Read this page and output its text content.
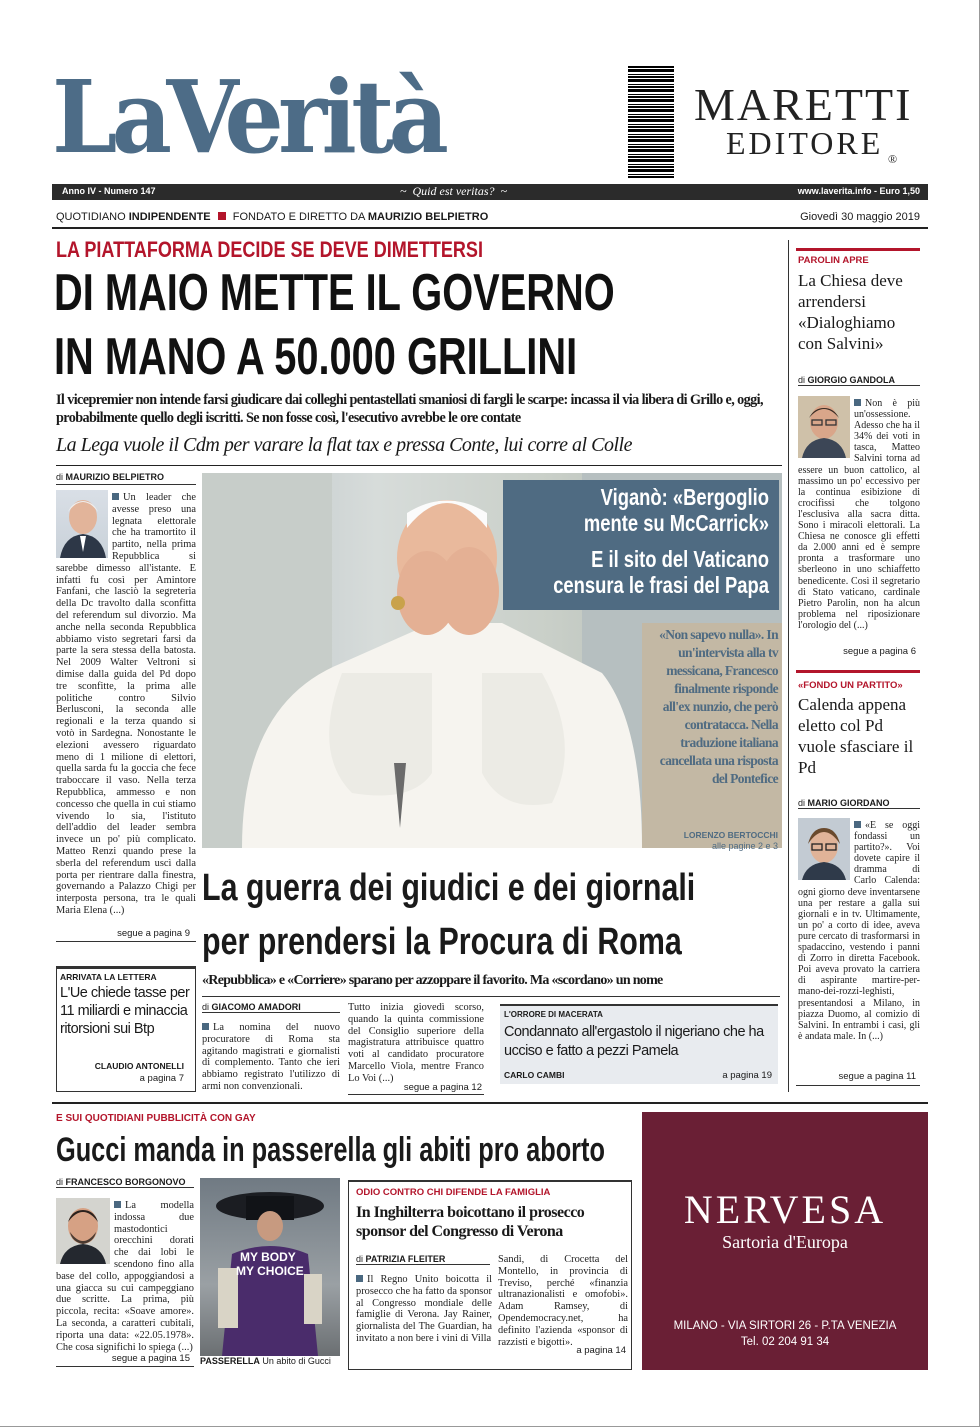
LaVerità	MARETTI
EDITORE ®
Anno IV - Numero 147	~ Quid est veritas? ~	www.laverita.info - Euro 1,50
QUOTIDIANO INDIPENDENTE FONDATO E DIRETTO DA MAURIZIO BELPIETRO	Giovedì 30 maggio 2019
LA PIATTAFORMA DECIDE SE DEVE DIMETTERSI
DI MAIO METTE IL GOVERNO
IN MANO A 50.000 GRILLINI
Il vicepremier non intende farsi giudicare dai colleghi pentastellati smaniosi di fargli le scarpe: incassa il via libera di Grillo e, oggi, probabilmente quello degli iscritti. Se non fosse così, l'esecutivo avrebbe le ore contate
La Lega vuole il Cdm per varare la flat tax e pressa Conte, lui corre al Colle
di MAURIZIO BELPIETRO
Un leader che avesse preso una legnata elettorale che ha tramortito il partito, nella prima Repubblica si sarebbe dimesso all'istante. E infatti fu così per Amintore Fanfani, che lasciò la segreteria della Dc travolto dalla sconfitta del referendum sul divorzio. Ma anche nella seconda Repubblica abbiamo visto segretari farsi da parte la sera stessa della batosta. Nel 2009 Walter Veltroni si dimise dalla guida del Pd dopo tre sconfitte, la prima alle politiche contro Silvio Berlusconi, la seconda alle regionali e la terza quando si votò in Sardegna. Nonostante le elezioni avessero riguardato meno di 1 milione di elettori, quella sarda fu la goccia che fece traboccare il vaso. Nella terza Repubblica, ammesso e non concesso che quella in cui stiamo vivendo lo sia, l'istituto dell'addio del leader sembra invece un po' più complicato. Matteo Renzi quando prese la sberla del referendum uscì dalla porta per rientrare dalla finestra, governando a Palazzo Chigi per interposta persona, tra le quali Maria Elena (...)
segue a pagina 9
Viganò: «Bergoglio
mente su McCarrick»
E il sito del Vaticano
censura le frasi del Papa
«Non sapevo nulla». In un'intervista alla tv messicana, Francesco finalmente risponde all'ex nunzio, che però contratacca. Nella traduzione italiana cancellata una risposta del Pontefice
LORENZO BERTOCCHI
alle pagine 2 e 3
PAROLIN APRE
La Chiesa deve arrendersi «Dialoghiamo con Salvini»
di GIORGIO GANDOLA
Non è più un'ossessione. Adesso che ha il 34% dei voti in tasca, Matteo Salvini torna ad essere un buon cattolico, al massimo un po' eccessivo per la continua esibizione di crocifissi che tolgono l'esclusiva alla sacra ditta. Sono i miracoli elettorali. La Chiesa ne conosce gli effetti da 2.000 anni ed è sempre pronta a trasformare uno sberleono in uno schiaffetto benedicente. Così il segretario di Stato vaticano, cardinale Pietro Parolin, non ha alcun problema nel riposizionare l'orologio del (...)
segue a pagina 6
«FONDO UN PARTITO»
Calenda appena eletto col Pd vuole sfasciare il Pd
di MARIO GIORDANO
«E se oggi fondassi un partito?». Voi dovete capire il dramma di Carlo Calenda: ogni giorno deve inventarsene una per restare a galla sui giornali e in tv. Ultimamente, un po' a corto di idee, aveva pure cercato di trasformarsi in spadaccino, vestendo i panni di Zorro in diretta Facebook. Poi aveva provato la carriera di aspirante martire-per-mano-dei-rozzi-leghisti, presentandosi a Milano, in piazza Duomo, al comizio di Salvini. In entrambi i casi, gli è andata male. In (...)
segue a pagina 11
La guerra dei giudici e dei giornali
per prendersi la Procura di Roma
«Repubblica» e «Corriere» sparano per azzoppare il favorito. Ma «scordano» un nome
di GIACOMO AMADORI
La nomina del nuovo procuratore di Roma sta agitando magistrati e giornalisti di complemento. Tanto che ieri abbiamo registrato l'utilizzo di armi non convenzionali.
Tutto inizia giovedì scorso, quando la quinta commissione del Consiglio superiore della magistratura attribuisce quattro voti al candidato procuratore Marcello Viola, mentre Franco Lo Voi (...)
segue a pagina 12
ARRIVATA LA LETTERA
L'Ue chiede tasse per 11 miliardi e minaccia ritorsioni sui Btp
CLAUDIO ANTONELLI
a pagina 7
L'ORRORE DI MACERATA
Condannato all'ergastolo il nigeriano che ha ucciso e fatto a pezzi Pamela
CARLO CAMBI	a pagina 19
E SUI QUOTIDIANI PUBBLICITÀ CON GAY
Gucci manda in passerella gli abiti pro aborto
di FRANCESCO BORGONOVO
La modella indossa due mastodontici orecchini dorati che dai lobi le scendono fino alla base del collo, appoggiandosi a una giacca su cui campeggiano due scritte. La prima, più piccola, recita: «Soave amore». La seconda, a caratteri cubitali, riporta una data: «22.05.1978». Che cosa significhi lo spiega (...)
segue a pagina 15
MY BODY
MY CHOICE
PASSERELLA Un abito di Gucci
ODIO CONTRO CHI DIFENDE LA FAMIGLIA
In Inghilterra boicottano il prosecco sponsor del Congresso di Verona
di PATRIZIA FLEITER
Il Regno Unito boicotta il prosecco che ha fatto da sponsor al Congresso mondiale delle famiglie di Verona. Jay Rainer, giornalista del The Guardian, ha invitato a non bere i vini di Villa
Sandi, di Crocetta del Montello, in provincia di Treviso, perché «finanzia ultranazionalisti e omofobi». Adam Ramsey, di Opendemocracy.net, ha definito l'azienda «sponsor di razzisti e bigotti».
a pagina 14
NERVESA
Sartoria d'Europa
MILANO - VIA SIRTORI 26 - P.TA VENEZIA
Tel. 02 204 91 34
